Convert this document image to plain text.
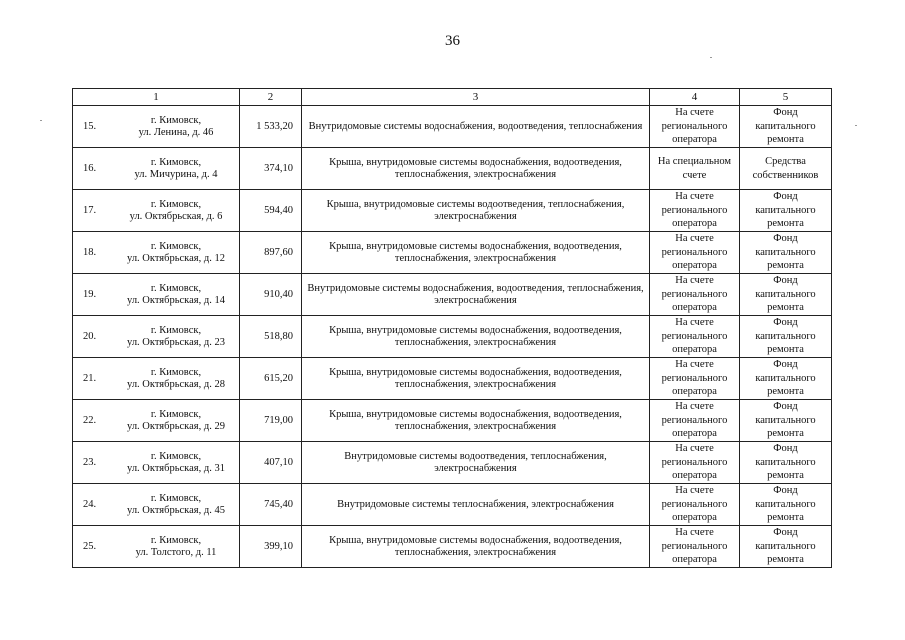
36
1	2	3	4	5

15.
г. Кимовск,
ул. Ленина, д. 46	1 533,20	Внутридомовые системы водоснабжения, водоотведения, теплоснабжения	На счете регионального оператора	Фонд капитального ремонта

16.
г. Кимовск,
ул. Мичурина, д. 4	374,10	Крыша, внутридомовые системы водоснабжения, водоотведения, теплоснабжения, электроснабжения	На специальном счете	Средства собственников

17.
г. Кимовск,
ул. Октябрьская, д. 6	594,40	Крыша, внутридомовые системы водоотведения, теплоснабжения, электроснабжения	На счете регионального оператора	Фонд капитального ремонта

18.
г. Кимовск,
ул. Октябрьская, д. 12	897,60	Крыша, внутридомовые системы водоснабжения, водоотведения, теплоснабжения, электроснабжения	На счете регионального оператора	Фонд капитального ремонта

19.
г. Кимовск,
ул. Октябрьская, д. 14	910,40	Внутридомовые системы водоснабжения, водоотведения, теплоснабжения, электроснабжения	На счете регионального оператора	Фонд капитального ремонта

20.
г. Кимовск,
ул. Октябрьская, д. 23	518,80	Крыша, внутридомовые системы водоснабжения, водоотведения, теплоснабжения, электроснабжения	На счете регионального оператора	Фонд капитального ремонта

21.
г. Кимовск,
ул. Октябрьская, д. 28	615,20	Крыша, внутридомовые системы водоснабжения, водоотведения, теплоснабжения, электроснабжения	На счете регионального оператора	Фонд капитального ремонта

22.
г. Кимовск,
ул. Октябрьская, д. 29	719,00	Крыша, внутридомовые системы водоснабжения, водоотведения, теплоснабжения, электроснабжения	На счете регионального оператора	Фонд капитального ремонта

23.
г. Кимовск,
ул. Октябрьская, д. 31	407,10	Внутридомовые системы водоотведения, теплоснабжения, электроснабжения	На счете регионального оператора	Фонд капитального ремонта

24.
г. Кимовск,
ул. Октябрьская, д. 45	745,40	Внутридомовые системы теплоснабжения, электроснабжения	На счете регионального оператора	Фонд капитального ремонта

25.
г. Кимовск,
ул. Толстого, д. 11	399,10	Крыша, внутридомовые системы водоснабжения, водоотведения, теплоснабжения, электроснабжения	На счете регионального оператора	Фонд капитального ремонта
